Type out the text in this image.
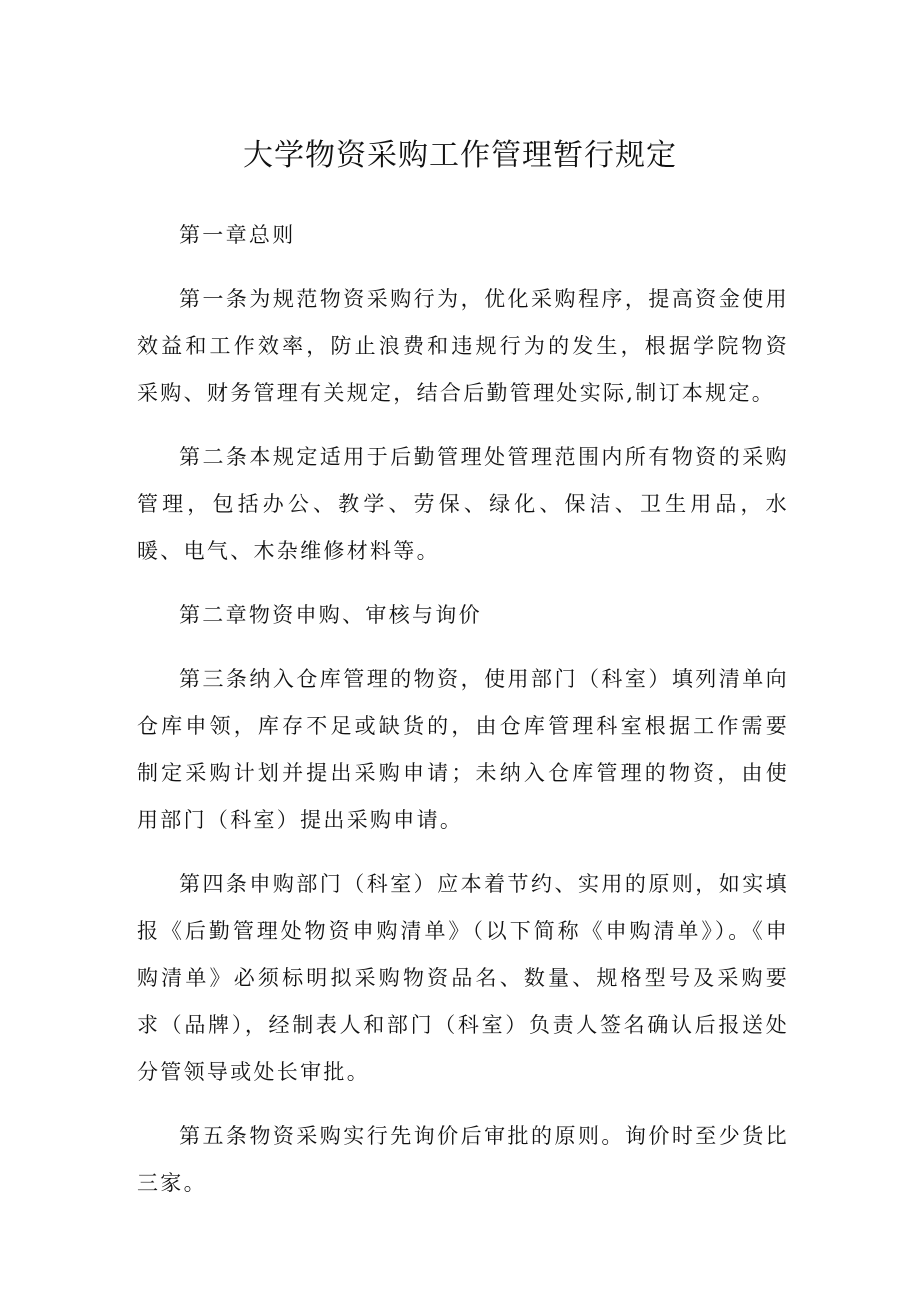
大学物资采购工作管理暂行规定

第一章总则

第一条为规范物资采购行为，优化采购程序，提高资金使用效益和工作效率，防止浪费和违规行为的发生，根据学院物资采购、财务管理有关规定，结合后勤管理处实际,制订本规定。

第二条本规定适用于后勤管理处管理范围内所有物资的采购管理，包括办公、教学、劳保、绿化、保洁、卫生用品，水暖、电气、木杂维修材料等。

第二章物资申购、审核与询价

第三条纳入仓库管理的物资，使用部门（科室）填列清单向仓库申领，库存不足或缺货的，由仓库管理科室根据工作需要制定采购计划并提出采购申请；未纳入仓库管理的物资，由使用部门（科室）提出采购申请。

第四条申购部门（科室）应本着节约、实用的原则，如实填报《后勤管理处物资申购清单》（以下简称《申购清单》）。《申购清单》必须标明拟采购物资品名、数量、规格型号及采购要求（品牌），经制表人和部门（科室）负责人签名确认后报送处分管领导或处长审批。

第五条物资采购实行先询价后审批的原则。询价时至少货比三家。
